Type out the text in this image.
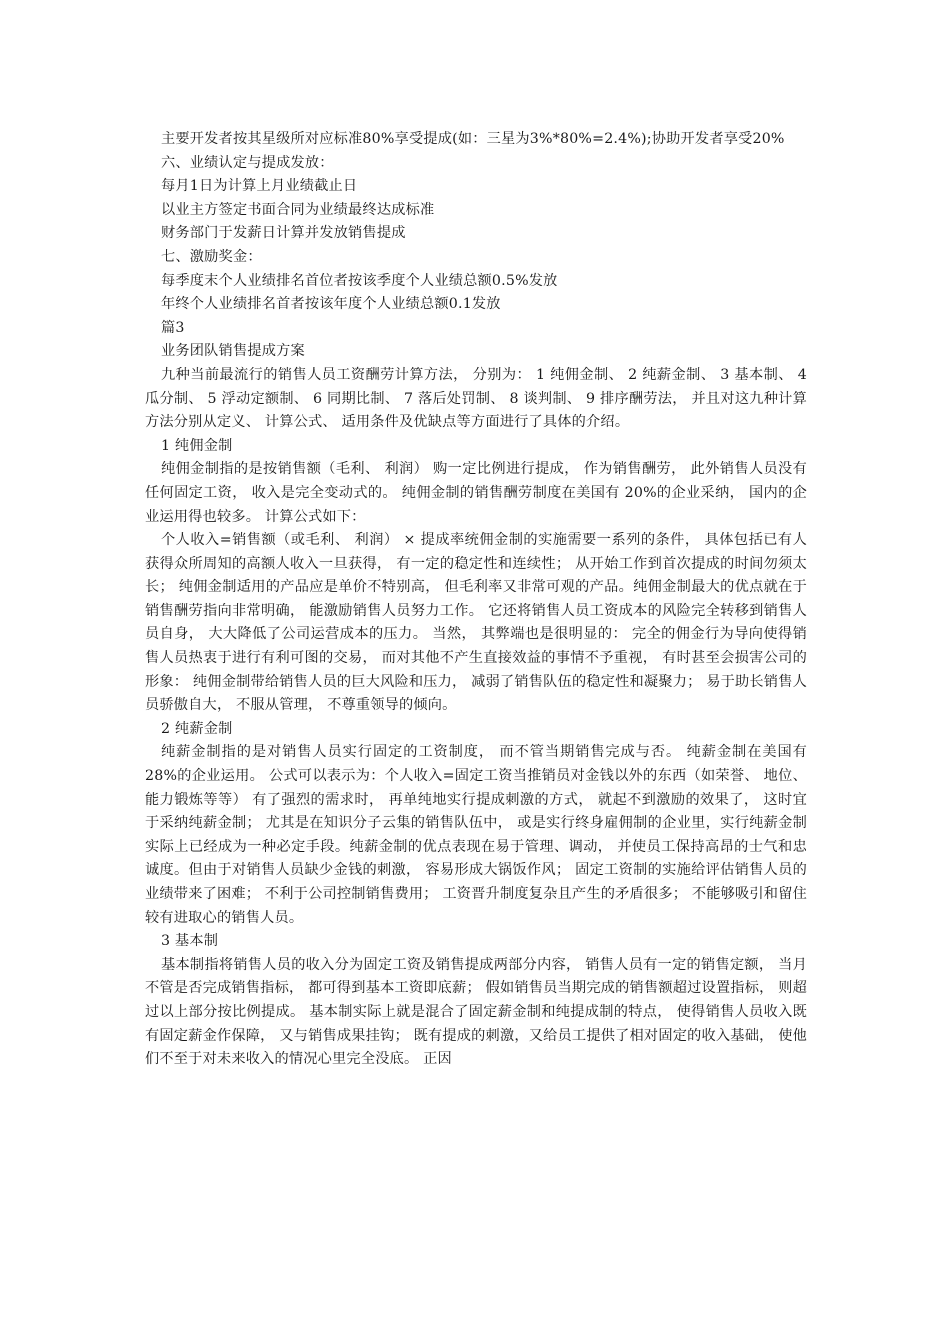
主要开发者按其星级所对应标准80%享受提成(如：三星为3%*80%=2.4%);协助开发者享受20%

六、业绩认定与提成发放：

每月1日为计算上月业绩截止日

以业主方签定书面合同为业绩最终达成标准

财务部门于发薪日计算并发放销售提成

七、激励奖金：

每季度末个人业绩排名首位者按该季度个人业绩总额0.5%发放

年终个人业绩排名首者按该年度个人业绩总额0.1发放

篇3

业务团队销售提成方案

九种当前最流行的销售人员工资酬劳计算方法， 分别为： 1 纯佣金制、 2 纯薪金制、 3 基本制、 4 瓜分制、 5 浮动定额制、 6 同期比制、 7 落后处罚制、 8 谈判制、 9 排序酬劳法， 并且对这九种计算方法分别从定义、 计算公式、 适用条件及优缺点等方面进行了具体的介绍。

1 纯佣金制

纯佣金制指的是按销售额（毛利、 利润） 购一定比例进行提成， 作为销售酬劳， 此外销售人员没有任何固定工资， 收入是完全变动式的。 纯佣金制的销售酬劳制度在美国有 20%的企业采纳， 国内的企业运用得也较多。 计算公式如下：

个人收入=销售额（或毛利、 利润） × 提成率统佣金制的实施需要一系列的条件， 具体包括已有人获得众所周知的高额人收入一旦获得， 有一定的稳定性和连续性； 从开始工作到首次提成的时间勿须太长； 纯佣金制适用的产品应是单价不特别高， 但毛利率又非常可观的产品。纯佣金制最大的优点就在于销售酬劳指向非常明确， 能激励销售人员努力工作。 它还将销售人员工资成本的风险完全转移到销售人员自身， 大大降低了公司运营成本的压力。 当然， 其弊端也是很明显的： 完全的佣金行为导向使得销售人员热衷于进行有利可图的交易， 而对其他不产生直接效益的事情不予重视， 有时甚至会损害公司的形象： 纯佣金制带给销售人员的巨大风险和压力， 减弱了销售队伍的稳定性和凝聚力； 易于助长销售人员骄傲自大， 不服从管理， 不尊重领导的倾向。

2 纯薪金制

纯薪金制指的是对销售人员实行固定的工资制度， 而不管当期销售完成与否。 纯薪金制在美国有 28%的企业运用。 公式可以表示为：个人收入=固定工资当推销员对金钱以外的东西（如荣誉、 地位、 能力锻炼等等） 有了强烈的需求时， 再单纯地实行提成刺激的方式， 就起不到激励的效果了， 这时宜于采纳纯薪金制； 尤其是在知识分子云集的销售队伍中， 或是实行终身雇佣制的企业里，实行纯薪金制实际上已经成为一种必定手段。纯薪金制的优点表现在易于管理、调动， 并使员工保持高昂的士气和忠诚度。但由于对销售人员缺少金钱的刺激， 容易形成大锅饭作风； 固定工资制的实施给评估销售人员的业绩带来了困难； 不利于公司控制销售费用； 工资晋升制度复杂且产生的矛盾很多； 不能够吸引和留住较有进取心的销售人员。

3 基本制

基本制指将销售人员的收入分为固定工资及销售提成两部分内容， 销售人员有一定的销售定额， 当月不管是否完成销售指标， 都可得到基本工资即底薪； 假如销售员当期完成的销售额超过设置指标， 则超过以上部分按比例提成。 基本制实际上就是混合了固定薪金制和纯提成制的特点， 使得销售人员收入既有固定薪金作保障， 又与销售成果挂钩； 既有提成的刺激，又给员工提供了相对固定的收入基础， 使他们不至于对未来收入的情况心里完全没底。 正因
